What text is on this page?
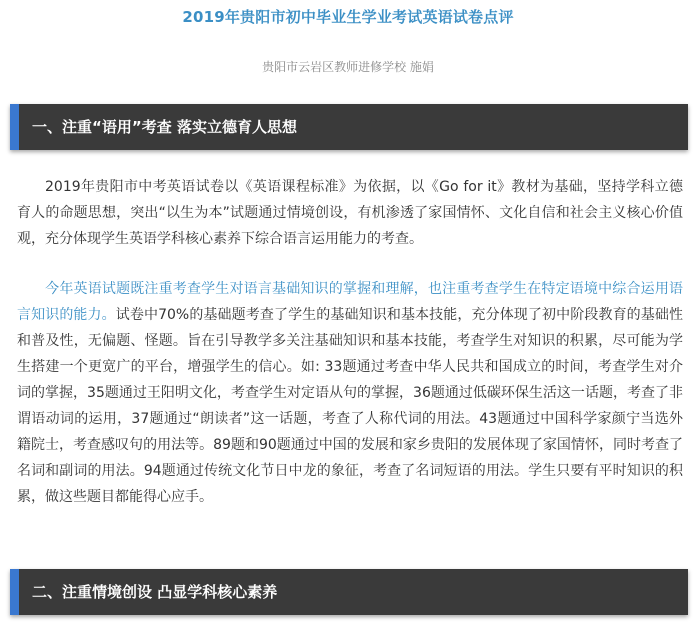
2019年贵阳市初中毕业生学业考试英语试卷点评
贵阳市云岩区教师进修学校 施娟
一、注重“语用”考查 落实立德育人思想

2019年贵阳市中考英语试卷以《英语课程标准》为依据，以《Go for it》教材为基础，坚持学科立德育人的命题思想，突出“以生为本”试题通过情境创设，有机渗透了家国情怀、文化自信和社会主义核心价值观，充分体现学生英语学科核心素养下综合语言运用能力的考查。

今年英语试题既注重考查学生对语言基础知识的掌握和理解，也注重考查学生在特定语境中综合运用语言知识的能力。试卷中70%的基础题考查了学生的基础知识和基本技能，充分体现了初中阶段教育的基础性和普及性，无偏题、怪题。旨在引导教学多关注基础知识和基本技能，考查学生对知识的积累，尽可能为学生搭建一个更宽广的平台，增强学生的信心。如: 33题通过考查中华人民共和国成立的时间，考查学生对介词的掌握，35题通过王阳明文化，考查学生对定语从句的掌握，36题通过低碳环保生活这一话题，考查了非谓语动词的运用，37题通过“朗读者”这一话题，考查了人称代词的用法。43题通过中国科学家颜宁当选外籍院士，考查感叹句的用法等。89题和90题通过中国的发展和家乡贵阳的发展体现了家国情怀，同时考查了名词和副词的用法。94题通过传统文化节日中龙的象征，考查了名词短语的用法。学生只要有平时知识的积累，做这些题目都能得心应手。

二、注重情境创设 凸显学科核心素养
